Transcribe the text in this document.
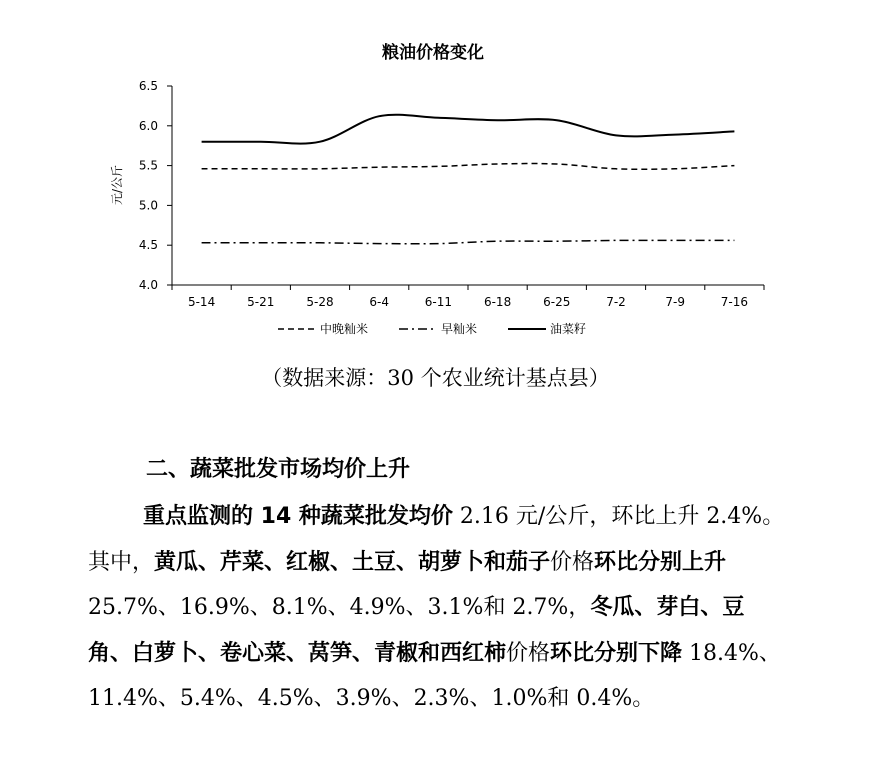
粮油价格变化
元/公斤
4.0
4.5
5.0
5.5
6.0
6.5
5-14	5-21	5-28	6-4	6-11	6-18	6-25	7-2	7-9	7-16
中晚籼米	早籼米	油菜籽
（数据来源：30 个农业统计基点县）
二、蔬菜批发市场均价上升
重点监测的 14 种蔬菜批发均价 2.16 元/公斤，环比上升 2.4%。其中，黄瓜、芹菜、红椒、土豆、胡萝卜和茄子价格环比分别上升 25.7%、16.9%、8.1%、4.9%、3.1%和 2.7%，冬瓜、芽白、豆角、白萝卜、卷心菜、莴笋、青椒和西红柿价格环比分别下降 18.4%、11.4%、5.4%、4.5%、3.9%、2.3%、1.0%和 0.4%。
